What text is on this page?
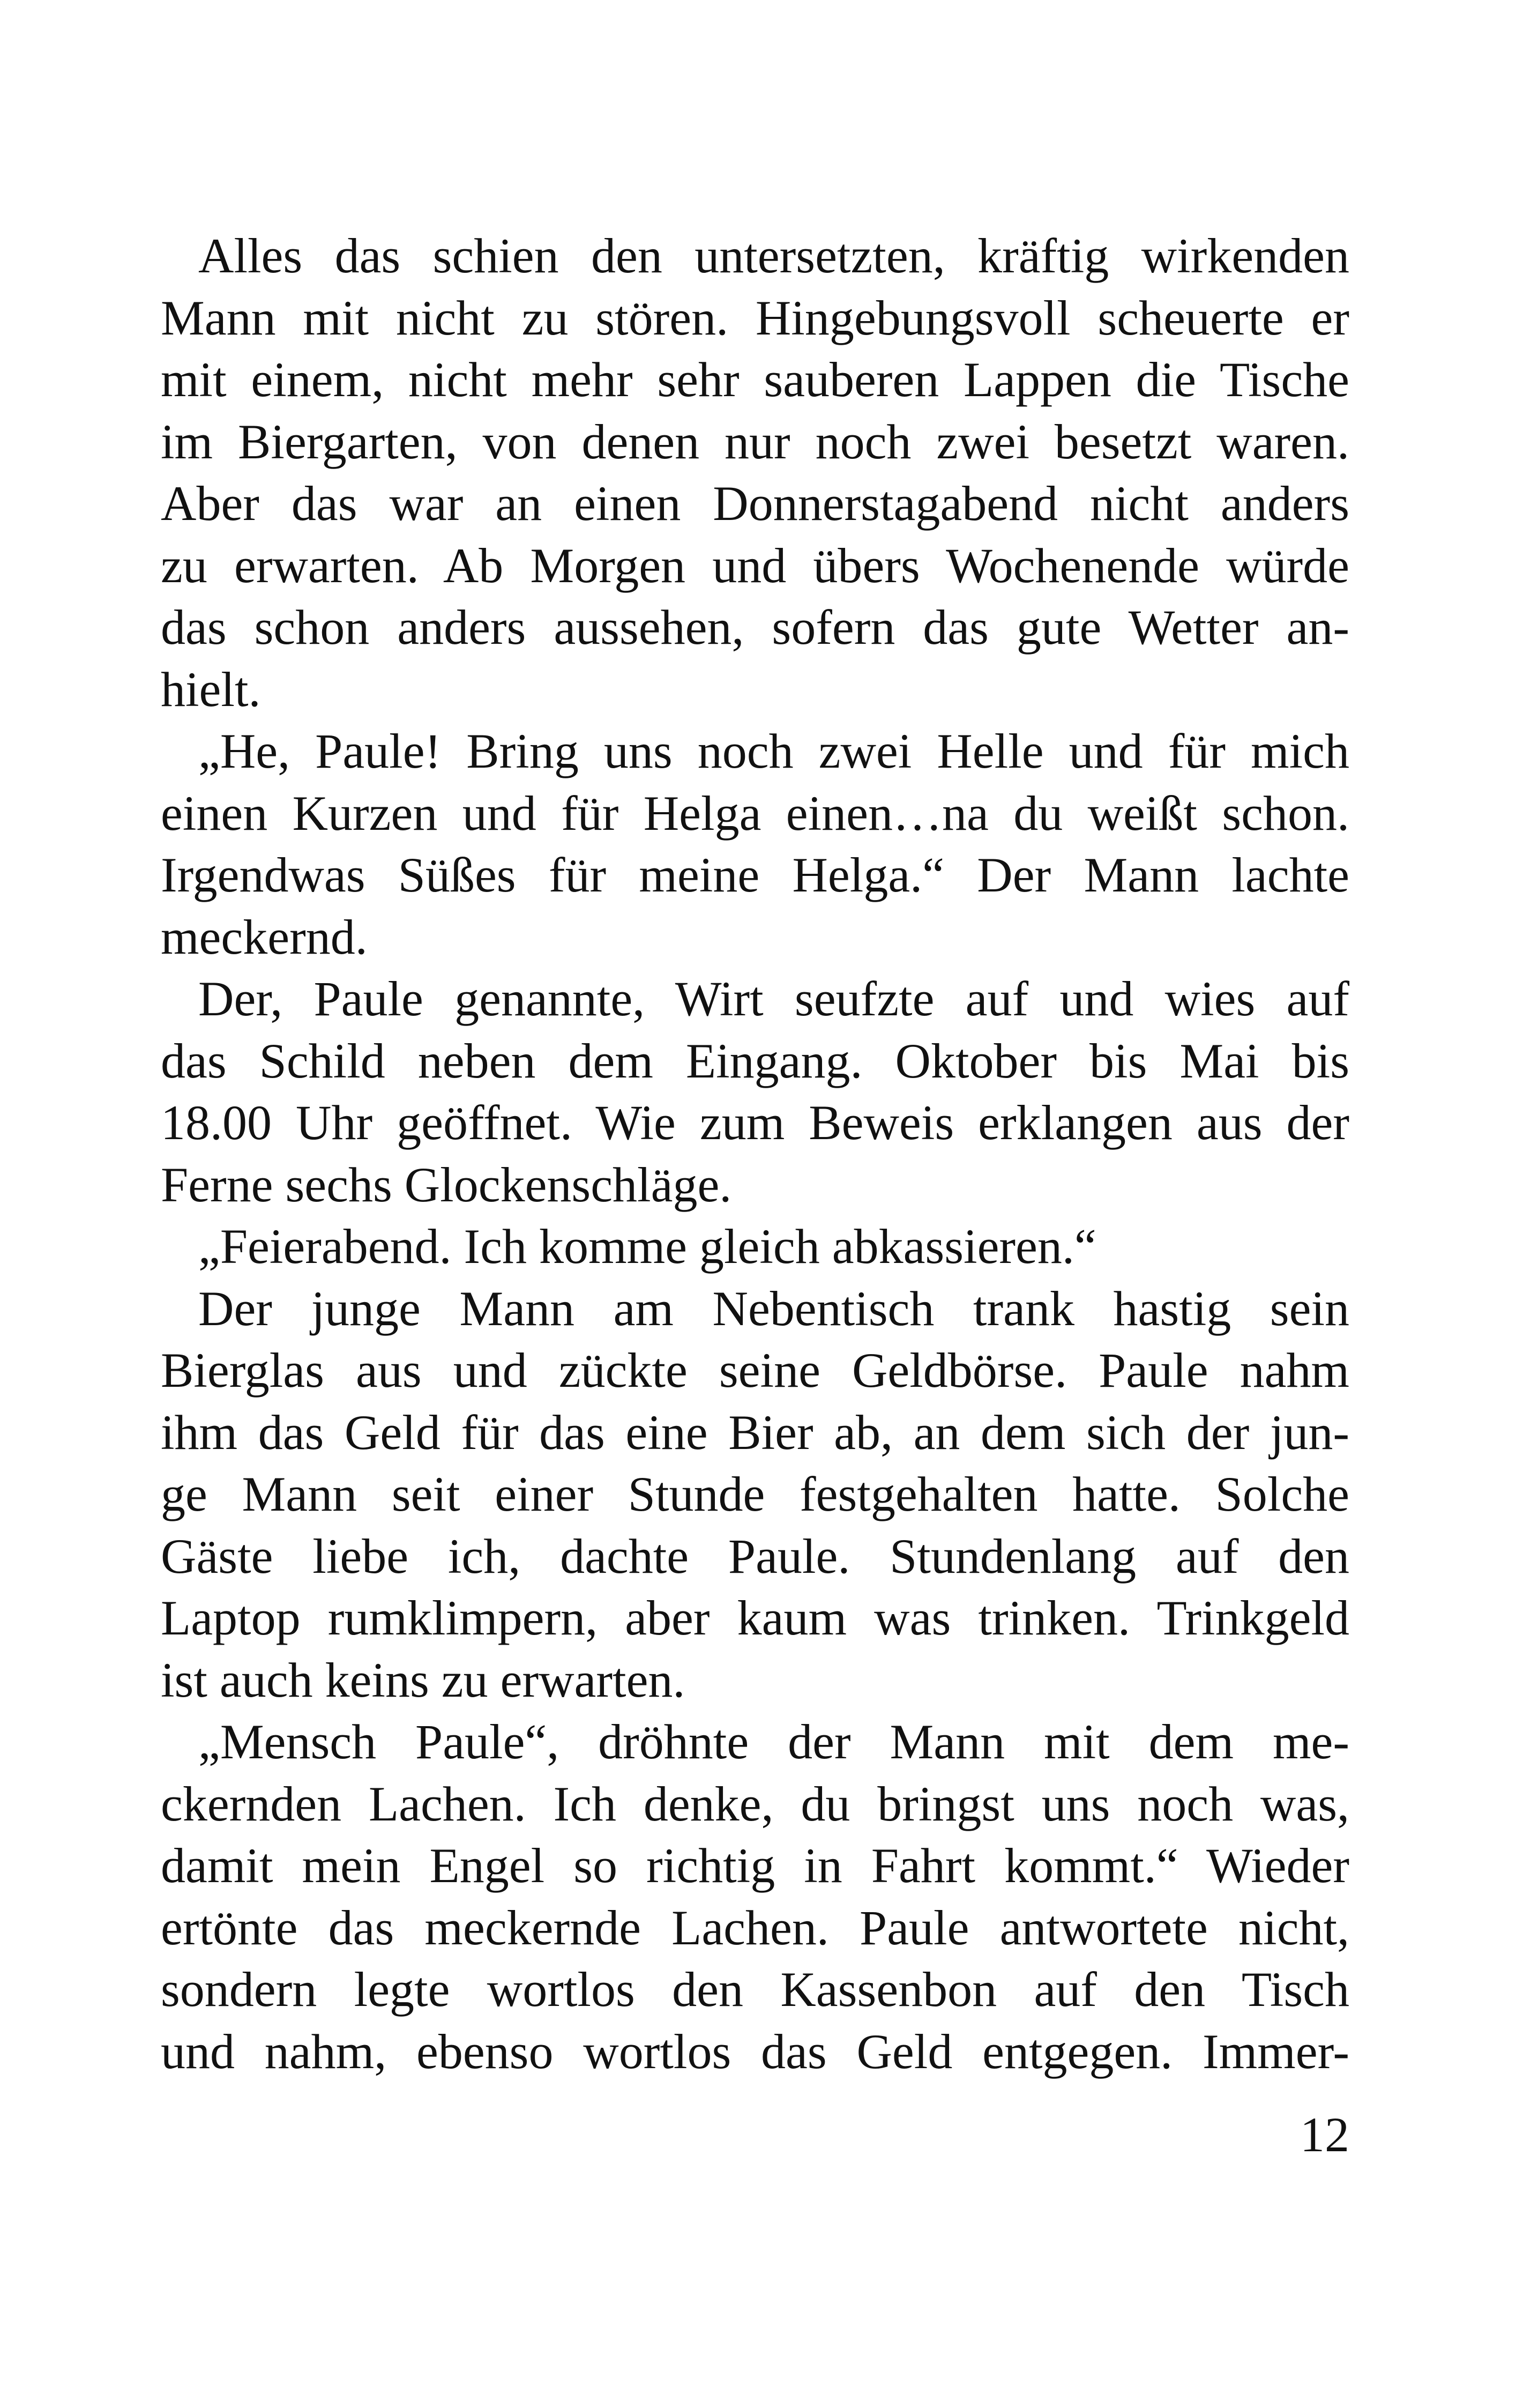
Alles das schien den untersetzten, kräftig wirkenden
Mann mit nicht zu stören. Hingebungsvoll scheuerte er
mit einem, nicht mehr sehr sauberen Lappen die Tische
im Biergarten, von denen nur noch zwei besetzt waren.
Aber das war an einen Donnerstagabend nicht anders
zu erwarten. Ab Morgen und übers Wochenende würde
das schon anders aussehen, sofern das gute Wetter an-
hielt.
„He, Paule! Bring uns noch zwei Helle und für mich
einen Kurzen und für Helga einen…na du weißt schon.
Irgendwas Süßes für meine Helga.“ Der Mann lachte
meckernd.
Der, Paule genannte, Wirt seufzte auf und wies auf
das Schild neben dem Eingang. Oktober bis Mai bis
18.00 Uhr geöffnet. Wie zum Beweis erklangen aus der
Ferne sechs Glockenschläge.
„Feierabend. Ich komme gleich abkassieren.“
Der junge Mann am Nebentisch trank hastig sein
Bierglas aus und zückte seine Geldbörse. Paule nahm
ihm das Geld für das eine Bier ab, an dem sich der jun-
ge Mann seit einer Stunde festgehalten hatte. Solche
Gäste liebe ich, dachte Paule. Stundenlang auf den
Laptop rumklimpern, aber kaum was trinken. Trinkgeld
ist auch keins zu erwarten.
„Mensch Paule“, dröhnte der Mann mit dem me-
ckernden Lachen. Ich denke, du bringst uns noch was,
damit mein Engel so richtig in Fahrt kommt.“ Wieder
ertönte das meckernde Lachen. Paule antwortete nicht,
sondern legte wortlos den Kassenbon auf den Tisch
und nahm, ebenso wortlos das Geld entgegen. Immer-
12
